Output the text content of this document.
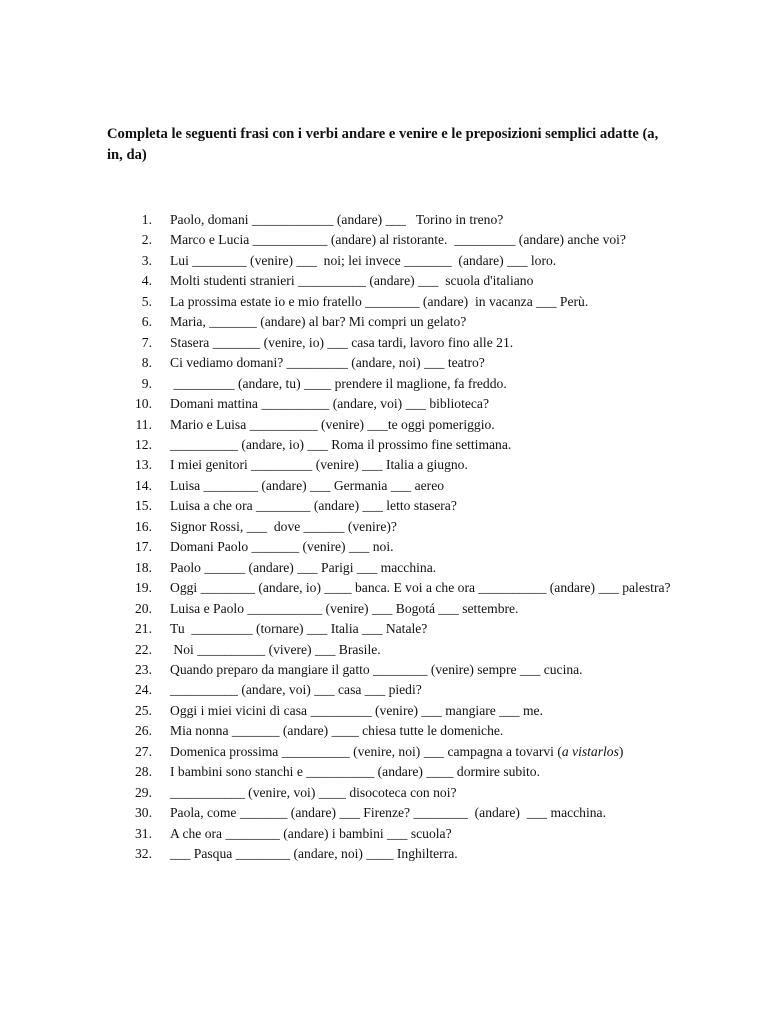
Completa le seguenti frasi con i verbi andare e venire e le preposizioni semplici adatte (a, in, da)

1. Paolo, domani ____________ (andare) ___   Torino in treno?
2. Marco e Lucia ___________ (andare) al ristorante.  _________ (andare) anche voi?
3. Lui ________ (venire) ___  noi; lei invece _______  (andare) ___ loro.
4. Molti studenti stranieri __________ (andare) ___  scuola d'italiano
5. La prossima estate io e mio fratello ________ (andare)  in vacanza ___ Perù.
6. Maria, _______ (andare) al bar? Mi compri un gelato?
7. Stasera _______ (venire, io) ___ casa tardi, lavoro fino alle 21.
8. Ci vediamo domani? _________ (andare, noi) ___ teatro?
9. _________ (andare, tu) ____ prendere il maglione, fa freddo.
10. Domani mattina __________ (andare, voi) ___ biblioteca?
11. Mario e Luisa __________ (venire) ___te oggi pomeriggio.
12. __________ (andare, io) ___ Roma il prossimo fine settimana.
13. I miei genitori _________ (venire) ___ Italia a giugno.
14. Luisa ________ (andare) ___ Germania ___ aereo
15. Luisa a che ora ________ (andare) ___ letto stasera?
16. Signor Rossi, ___  dove ______ (venire)?
17. Domani Paolo _______ (venire) ___ noi.
18. Paolo ______ (andare) ___ Parigi ___ macchina.
19. Oggi ________ (andare, io) ____ banca. E voi a che ora __________ (andare) ___ palestra?
20. Luisa e Paolo ___________ (venire) ___ Bogotá ___ settembre.
21. Tu  _________ (tornare) ___ Italia ___ Natale?
22. Noi __________ (vivere) ___ Brasile.
23. Quando preparo da mangiare il gatto ________ (venire) sempre ___ cucina.
24. __________ (andare, voi) ___ casa ___ piedi?
25. Oggi i miei vicini di casa _________ (venire) ___ mangiare ___ me.
26. Mia nonna _______ (andare) ____ chiesa tutte le domeniche.
27. Domenica prossima __________ (venire, noi) ___ campagna a tovarvi (a vistarlos)
28. I bambini sono stanchi e __________ (andare) ____ dormire subito.
29. ___________ (venire, voi) ____ disocoteca con noi?
30. Paola, come _______ (andare) ___ Firenze? ________  (andare)  ___ macchina.
31. A che ora ________ (andare) i bambini ___ scuola?
32. ___ Pasqua ________ (andare, noi) ____ Inghilterra.
